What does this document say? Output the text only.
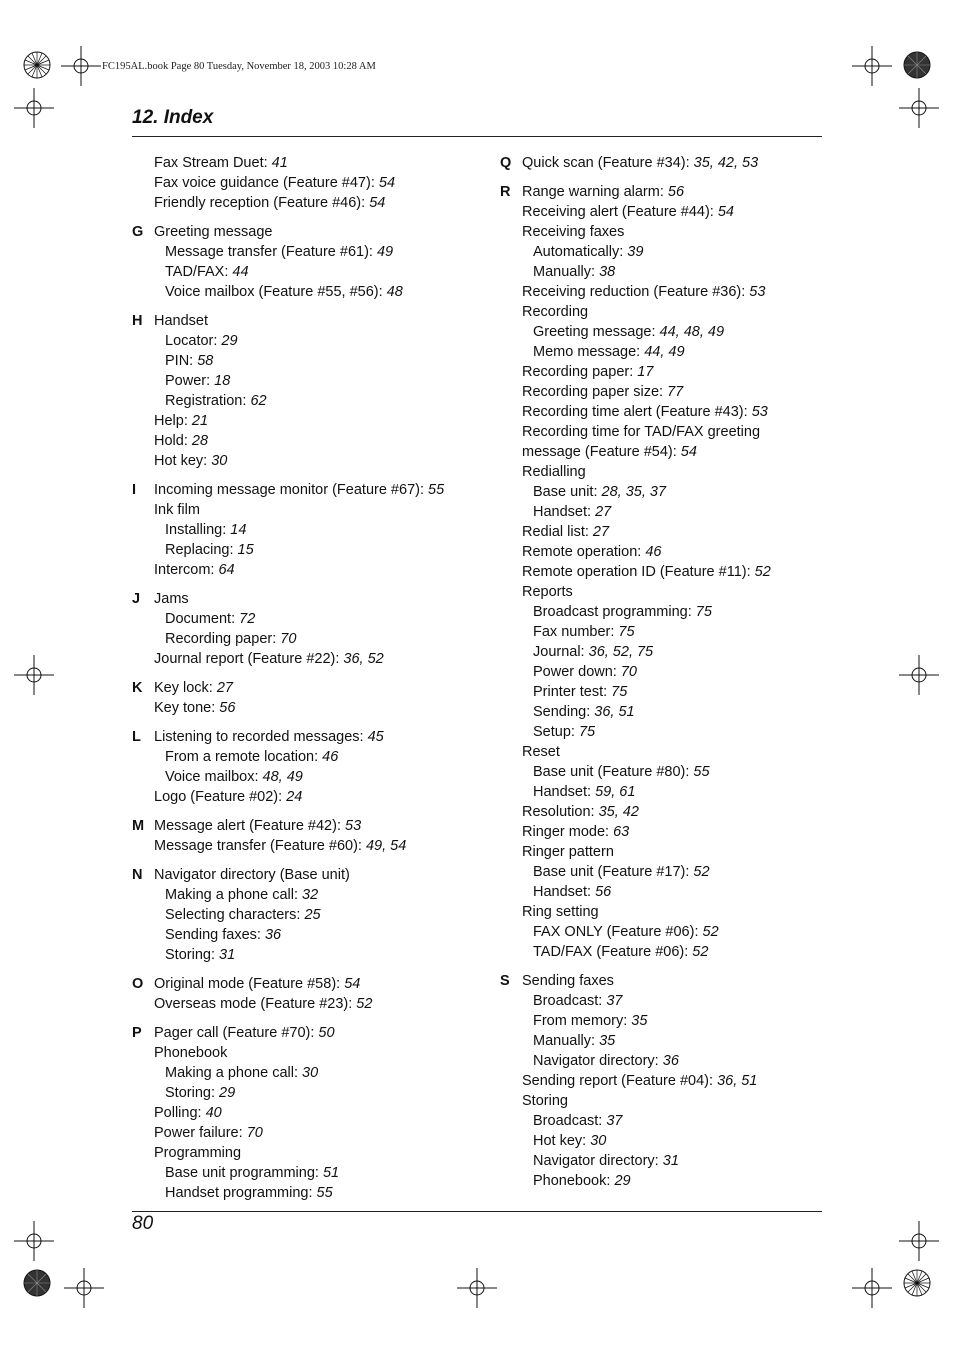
FC195AL.book Page 80 Tuesday, November 18, 2003 10:28 AM
12. Index
Fax Stream Duet: 41
Fax voice guidance (Feature #47): 54
Friendly reception (Feature #46): 54
G Greeting message
Message transfer (Feature #61): 49
TAD/FAX: 44
Voice mailbox (Feature #55, #56): 48
H Handset
Locator: 29
PIN: 58
Power: 18
Registration: 62
Help: 21
Hold: 28
Hot key: 30
I Incoming message monitor (Feature #67): 55
Ink film
Installing: 14
Replacing: 15
Intercom: 64
J Jams
Document: 72
Recording paper: 70
Journal report (Feature #22): 36, 52
K Key lock: 27
Key tone: 56
L Listening to recorded messages: 45
From a remote location: 46
Voice mailbox: 48, 49
Logo (Feature #02): 24
M Message alert (Feature #42): 53
Message transfer (Feature #60): 49, 54
N Navigator directory (Base unit)
Making a phone call: 32
Selecting characters: 25
Sending faxes: 36
Storing: 31
O Original mode (Feature #58): 54
Overseas mode (Feature #23): 52
P Pager call (Feature #70): 50
Phonebook
Making a phone call: 30
Storing: 29
Polling: 40
Power failure: 70
Programming
Base unit programming: 51
Handset programming: 55
Q Quick scan (Feature #34): 35, 42, 53
R Range warning alarm: 56
Receiving alert (Feature #44): 54
Receiving faxes
Automatically: 39
Manually: 38
Receiving reduction (Feature #36): 53
Recording
Greeting message: 44, 48, 49
Memo message: 44, 49
Recording paper: 17
Recording paper size: 77
Recording time alert (Feature #43): 53
Recording time for TAD/FAX greeting
message (Feature #54): 54
Redialling
Base unit: 28, 35, 37
Handset: 27
Redial list: 27
Remote operation: 46
Remote operation ID (Feature #11): 52
Reports
Broadcast programming: 75
Fax number: 75
Journal: 36, 52, 75
Power down: 70
Printer test: 75
Sending: 36, 51
Setup: 75
Reset
Base unit (Feature #80): 55
Handset: 59, 61
Resolution: 35, 42
Ringer mode: 63
Ringer pattern
Base unit (Feature #17): 52
Handset: 56
Ring setting
FAX ONLY (Feature #06): 52
TAD/FAX (Feature #06): 52
S Sending faxes
Broadcast: 37
From memory: 35
Manually: 35
Navigator directory: 36
Sending report (Feature #04): 36, 51
Storing
Broadcast: 37
Hot key: 30
Navigator directory: 31
Phonebook: 29
80
